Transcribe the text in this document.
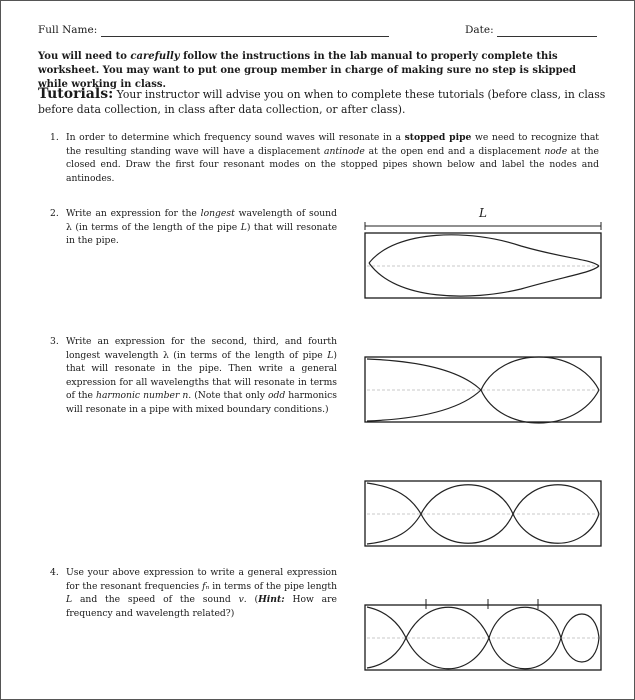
Full Name:	Date:
You will need to carefully follow the instructions in the lab manual to properly complete this worksheet. You may want to put one group member in charge of making sure no step is skipped while working in class.
Tutorials: Your instructor will advise you on when to complete these tutorials (before class, in class before data collection, in class after data collection, or after class).
1. In order to determine which frequency sound waves will resonate in a stopped pipe we need to recognize that the resulting standing wave will have a displacement antinode at the open end and a displacement node at the closed end. Draw the first four resonant modes on the stopped pipes shown below and label the nodes and antinodes.
2. Write an expression for the longest wavelength of sound λ (in terms of the length of the pipe L) that will resonate in the pipe.
3. Write an expression for the second, third, and fourth longest wavelength λ (in terms of the length of pipe L) that will resonate in the pipe. Then write a general expression for all wavelengths that will resonate in terms of the harmonic number n. (Note that only odd harmonics will resonate in a pipe with mixed boundary conditions.)
4. Use your above expression to write a general expression for the resonant frequencies fₙ in terms of the pipe length L and the speed of the sound v. (Hint: How are frequency and wavelength related?)
L
